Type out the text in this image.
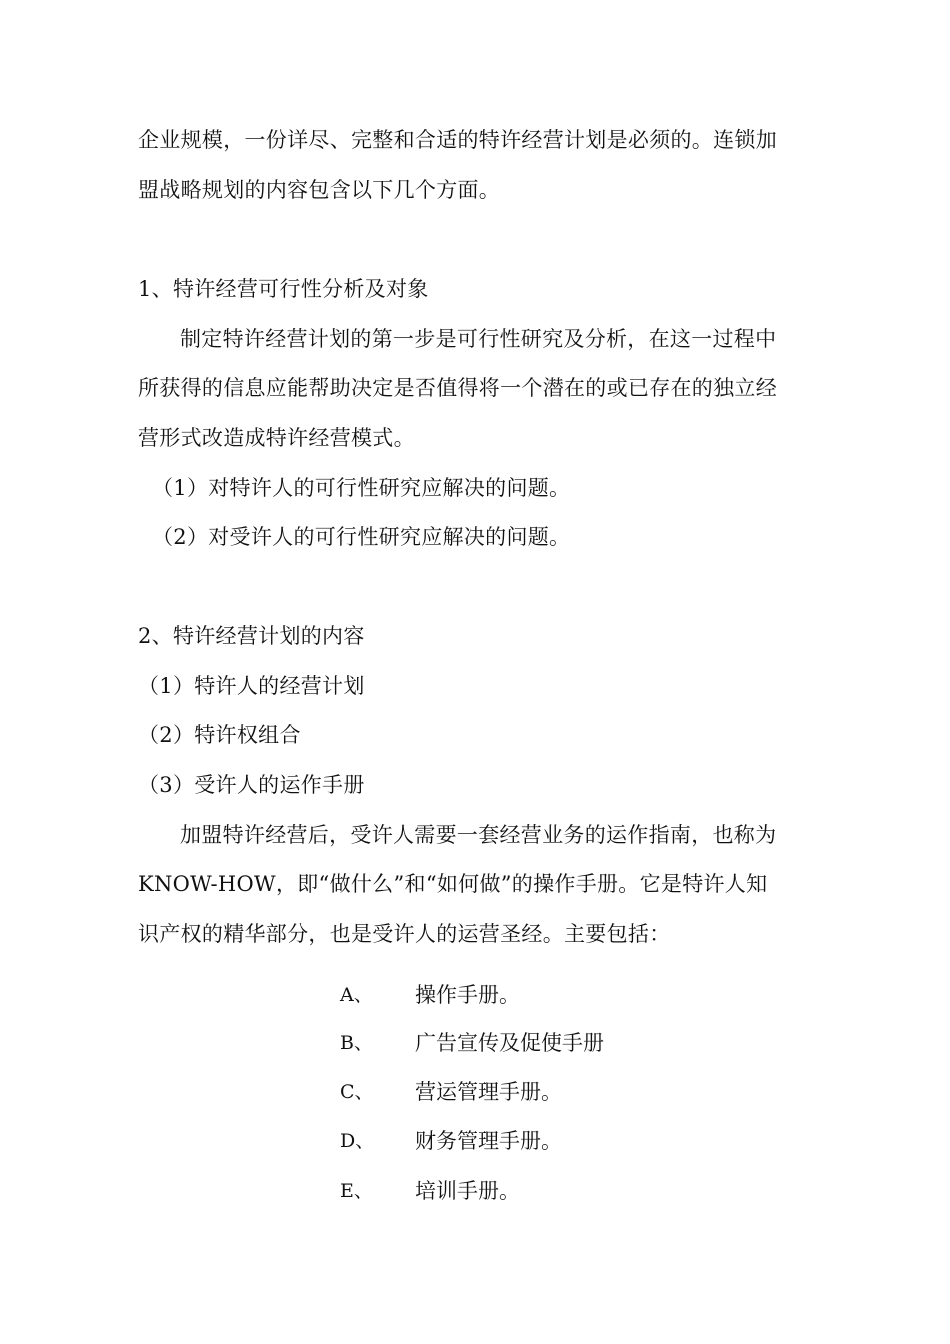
企业规模，一份详尽、完整和合适的特许经营计划是必须的。连锁加
盟战略规划的内容包含以下几个方面。
1、特许经营可行性分析及对象
制定特许经营计划的第一步是可行性研究及分析，在这一过程中
所获得的信息应能帮助决定是否值得将一个潜在的或已存在的独立经
营形式改造成特许经营模式。
（1）对特许人的可行性研究应解决的问题。
（2）对受许人的可行性研究应解决的问题。
2、特许经营计划的内容
（1）特许人的经营计划
（2）特许权组合
（3）受许人的运作手册
加盟特许经营后，受许人需要一套经营业务的运作指南，也称为
KNOW-HOW，即“做什么”和“如何做”的操作手册。它是特许人知
识产权的精华部分，也是受许人的运营圣经。主要包括：
A、 操作手册。
B、 广告宣传及促使手册
C、 营运管理手册。
D、 财务管理手册。
E、 培训手册。
